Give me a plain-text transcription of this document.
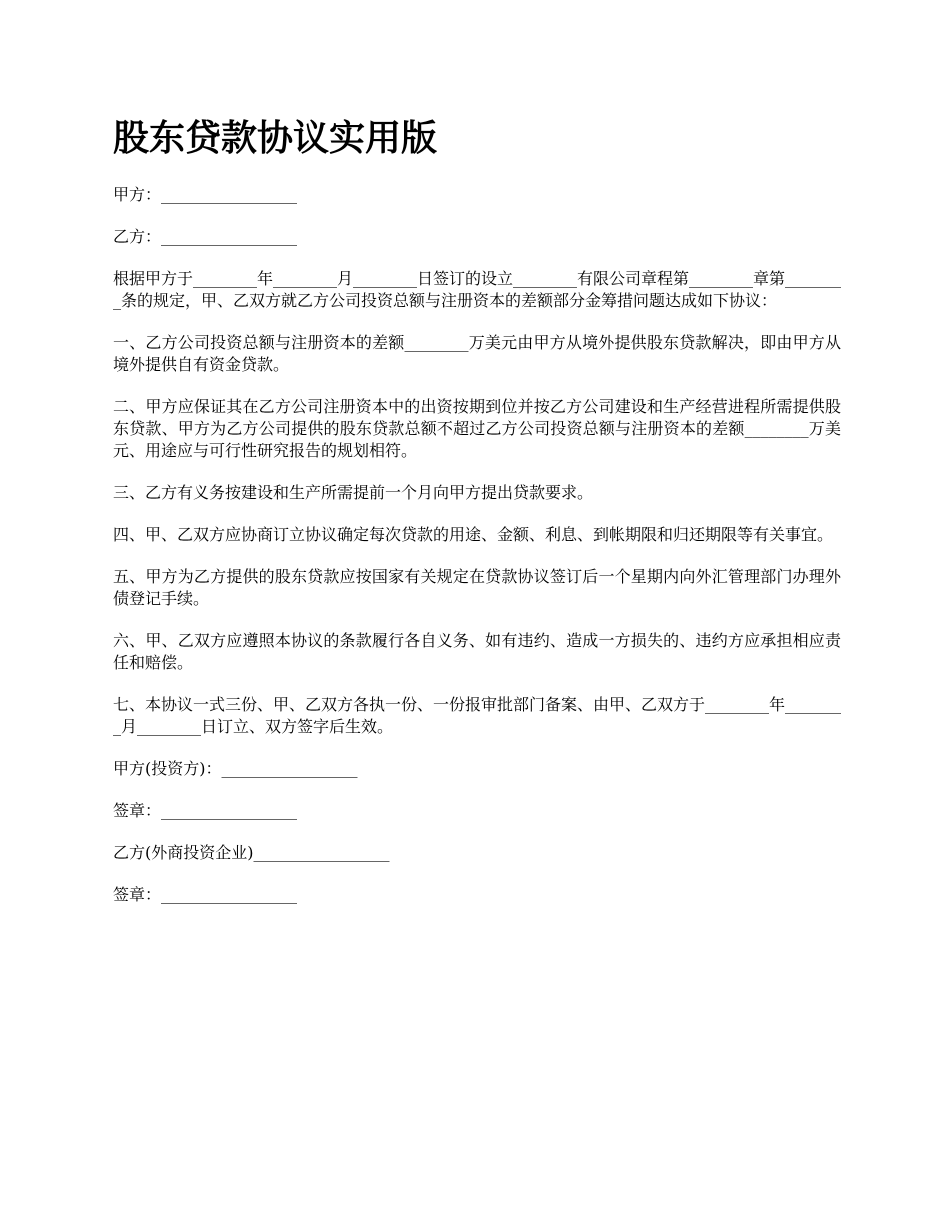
股东贷款协议实用版

甲方：_________________

乙方：_________________

根据甲方于________年________月________日签订的设立________有限公司章程第________章第________条的规定，甲、乙双方就乙方公司投资总额与注册资本的差额部分金筹措问题达成如下协议：

一、乙方公司投资总额与注册资本的差额________万美元由甲方从境外提供股东贷款解决，即由甲方从境外提供自有资金贷款。

二、甲方应保证其在乙方公司注册资本中的出资按期到位并按乙方公司建设和生产经营进程所需提供股东贷款、甲方为乙方公司提供的股东贷款总额不超过乙方公司投资总额与注册资本的差额________万美元、用途应与可行性研究报告的规划相符。

三、乙方有义务按建设和生产所需提前一个月向甲方提出贷款要求。

四、甲、乙双方应协商订立协议确定每次贷款的用途、金额、利息、到帐期限和归还期限等有关事宜。

五、甲方为乙方提供的股东贷款应按国家有关规定在贷款协议签订后一个星期内向外汇管理部门办理外债登记手续。

六、甲、乙双方应遵照本协议的条款履行各自义务、如有违约、造成一方损失的、违约方应承担相应责任和赔偿。

七、本协议一式三份、甲、乙双方各执一份、一份报审批部门备案、由甲、乙双方于________年________月________日订立、双方签字后生效。

甲方(投资方)：_________________

签章：_________________

乙方(外商投资企业)_________________

签章：_________________
